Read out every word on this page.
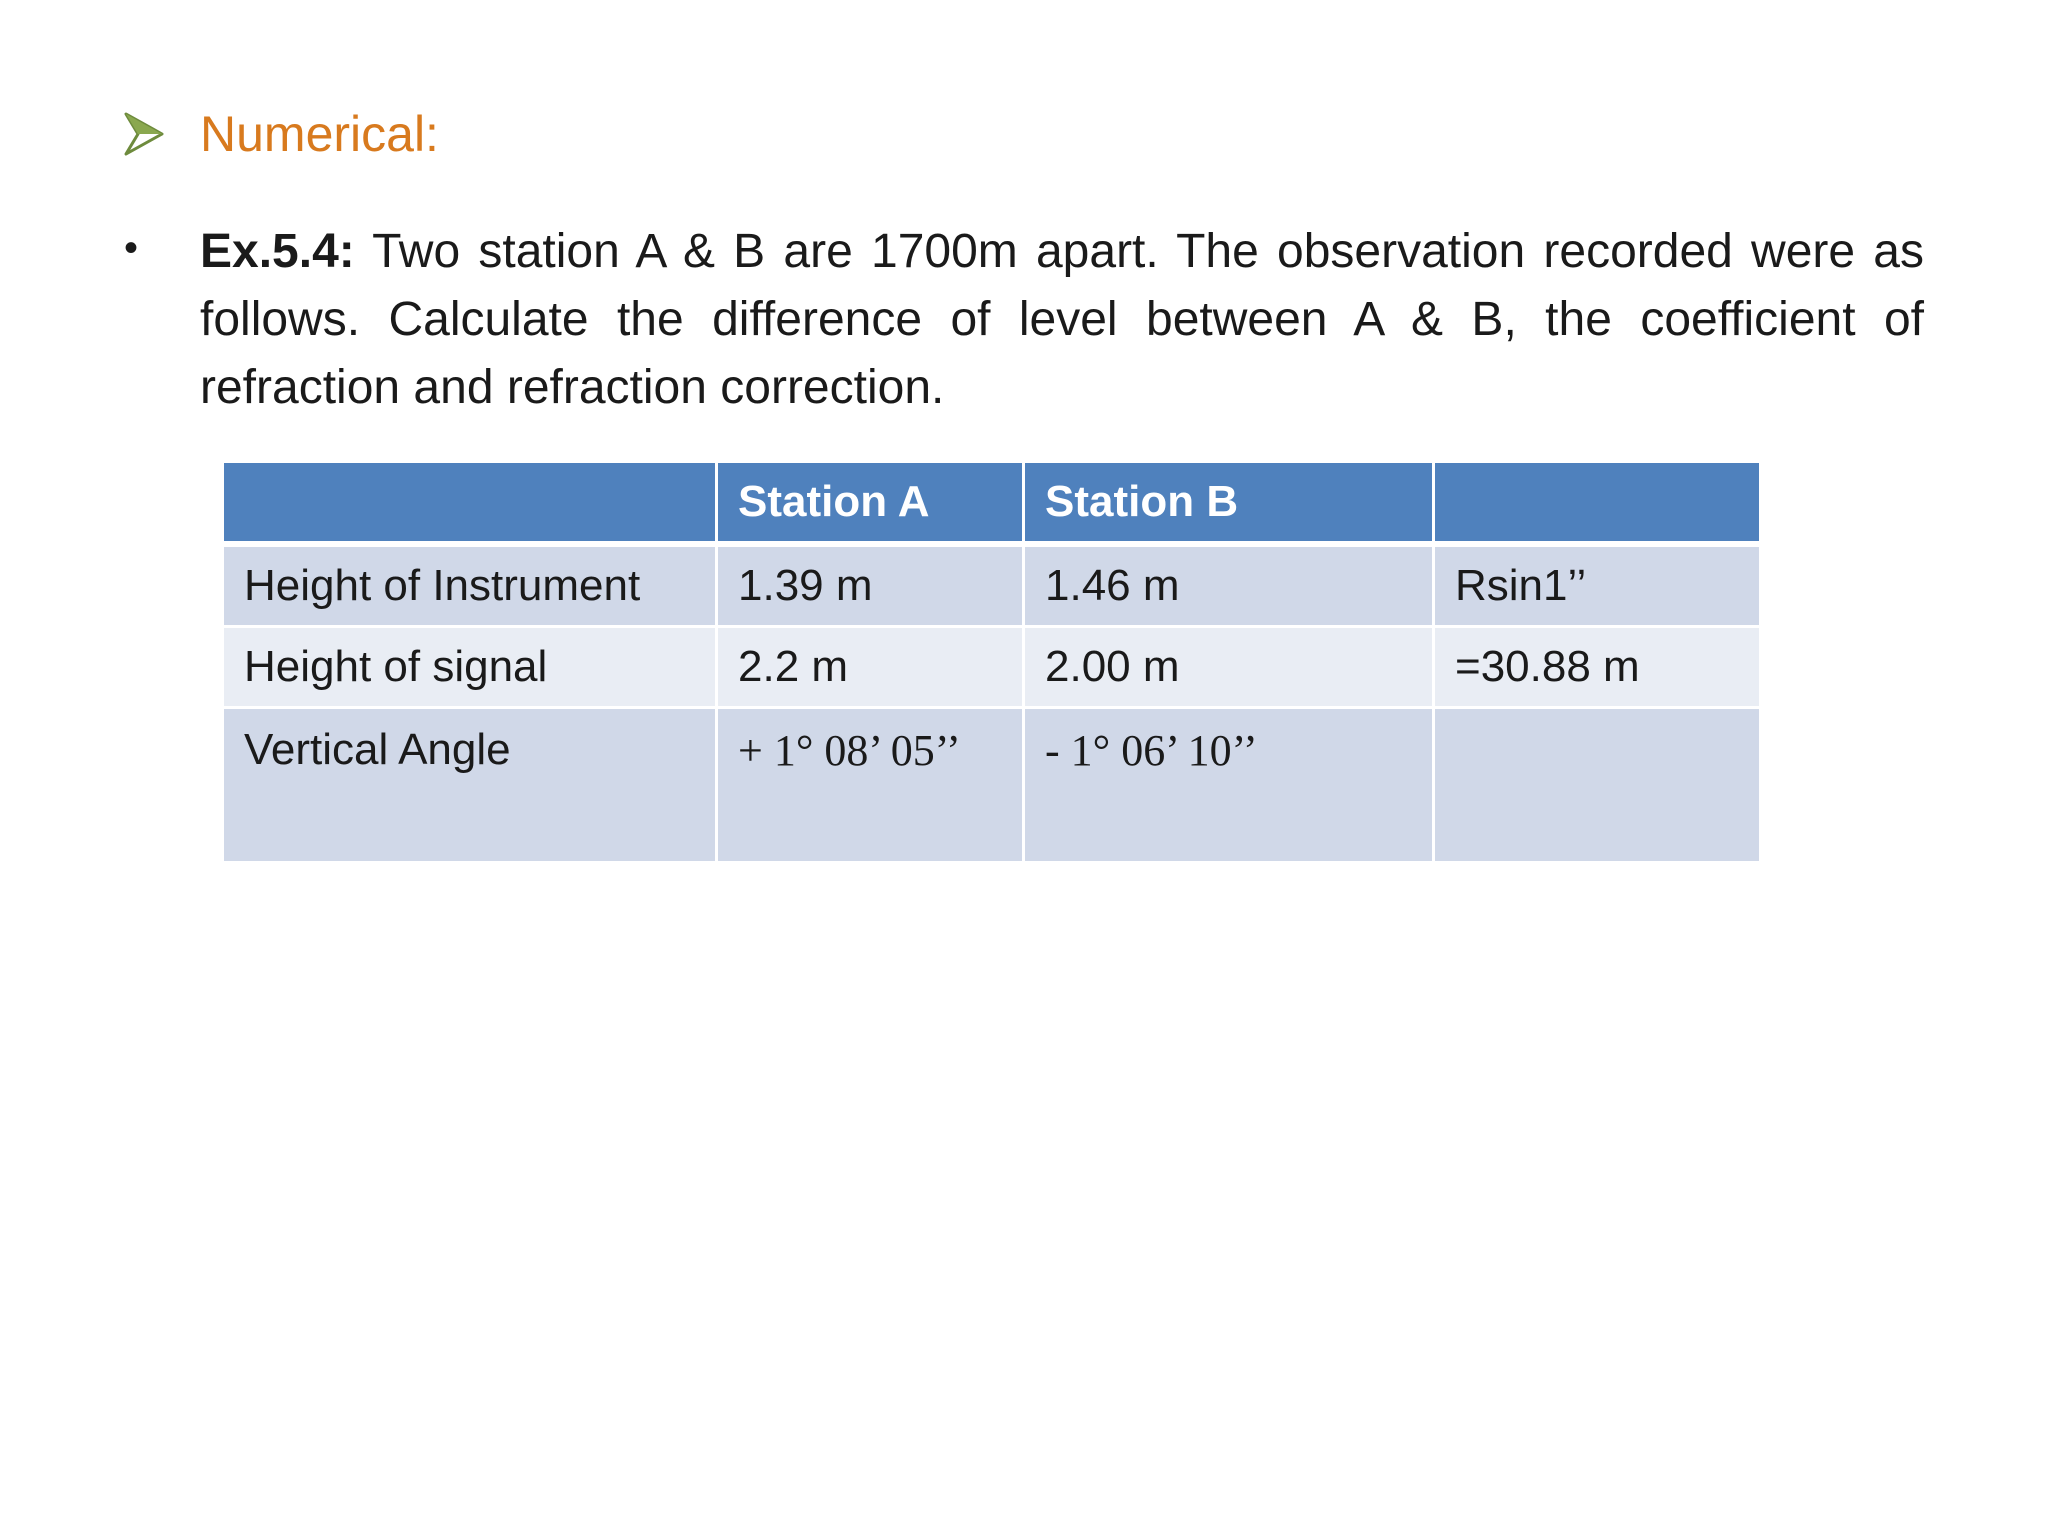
Numerical:
• Ex.5.4: Two station A & B are 1700m apart. The observation recorded were as follows. Calculate the difference of level between A & B, the coefficient of refraction and refraction correction.
	Station A	Station B	
Height of Instrument	1.39 m	1.46 m	Rsin1’’
Height of signal	2.2 m	2.00 m	=30.88 m
Vertical Angle	+ 1° 08’ 05’’	- 1° 06’ 10’’	
